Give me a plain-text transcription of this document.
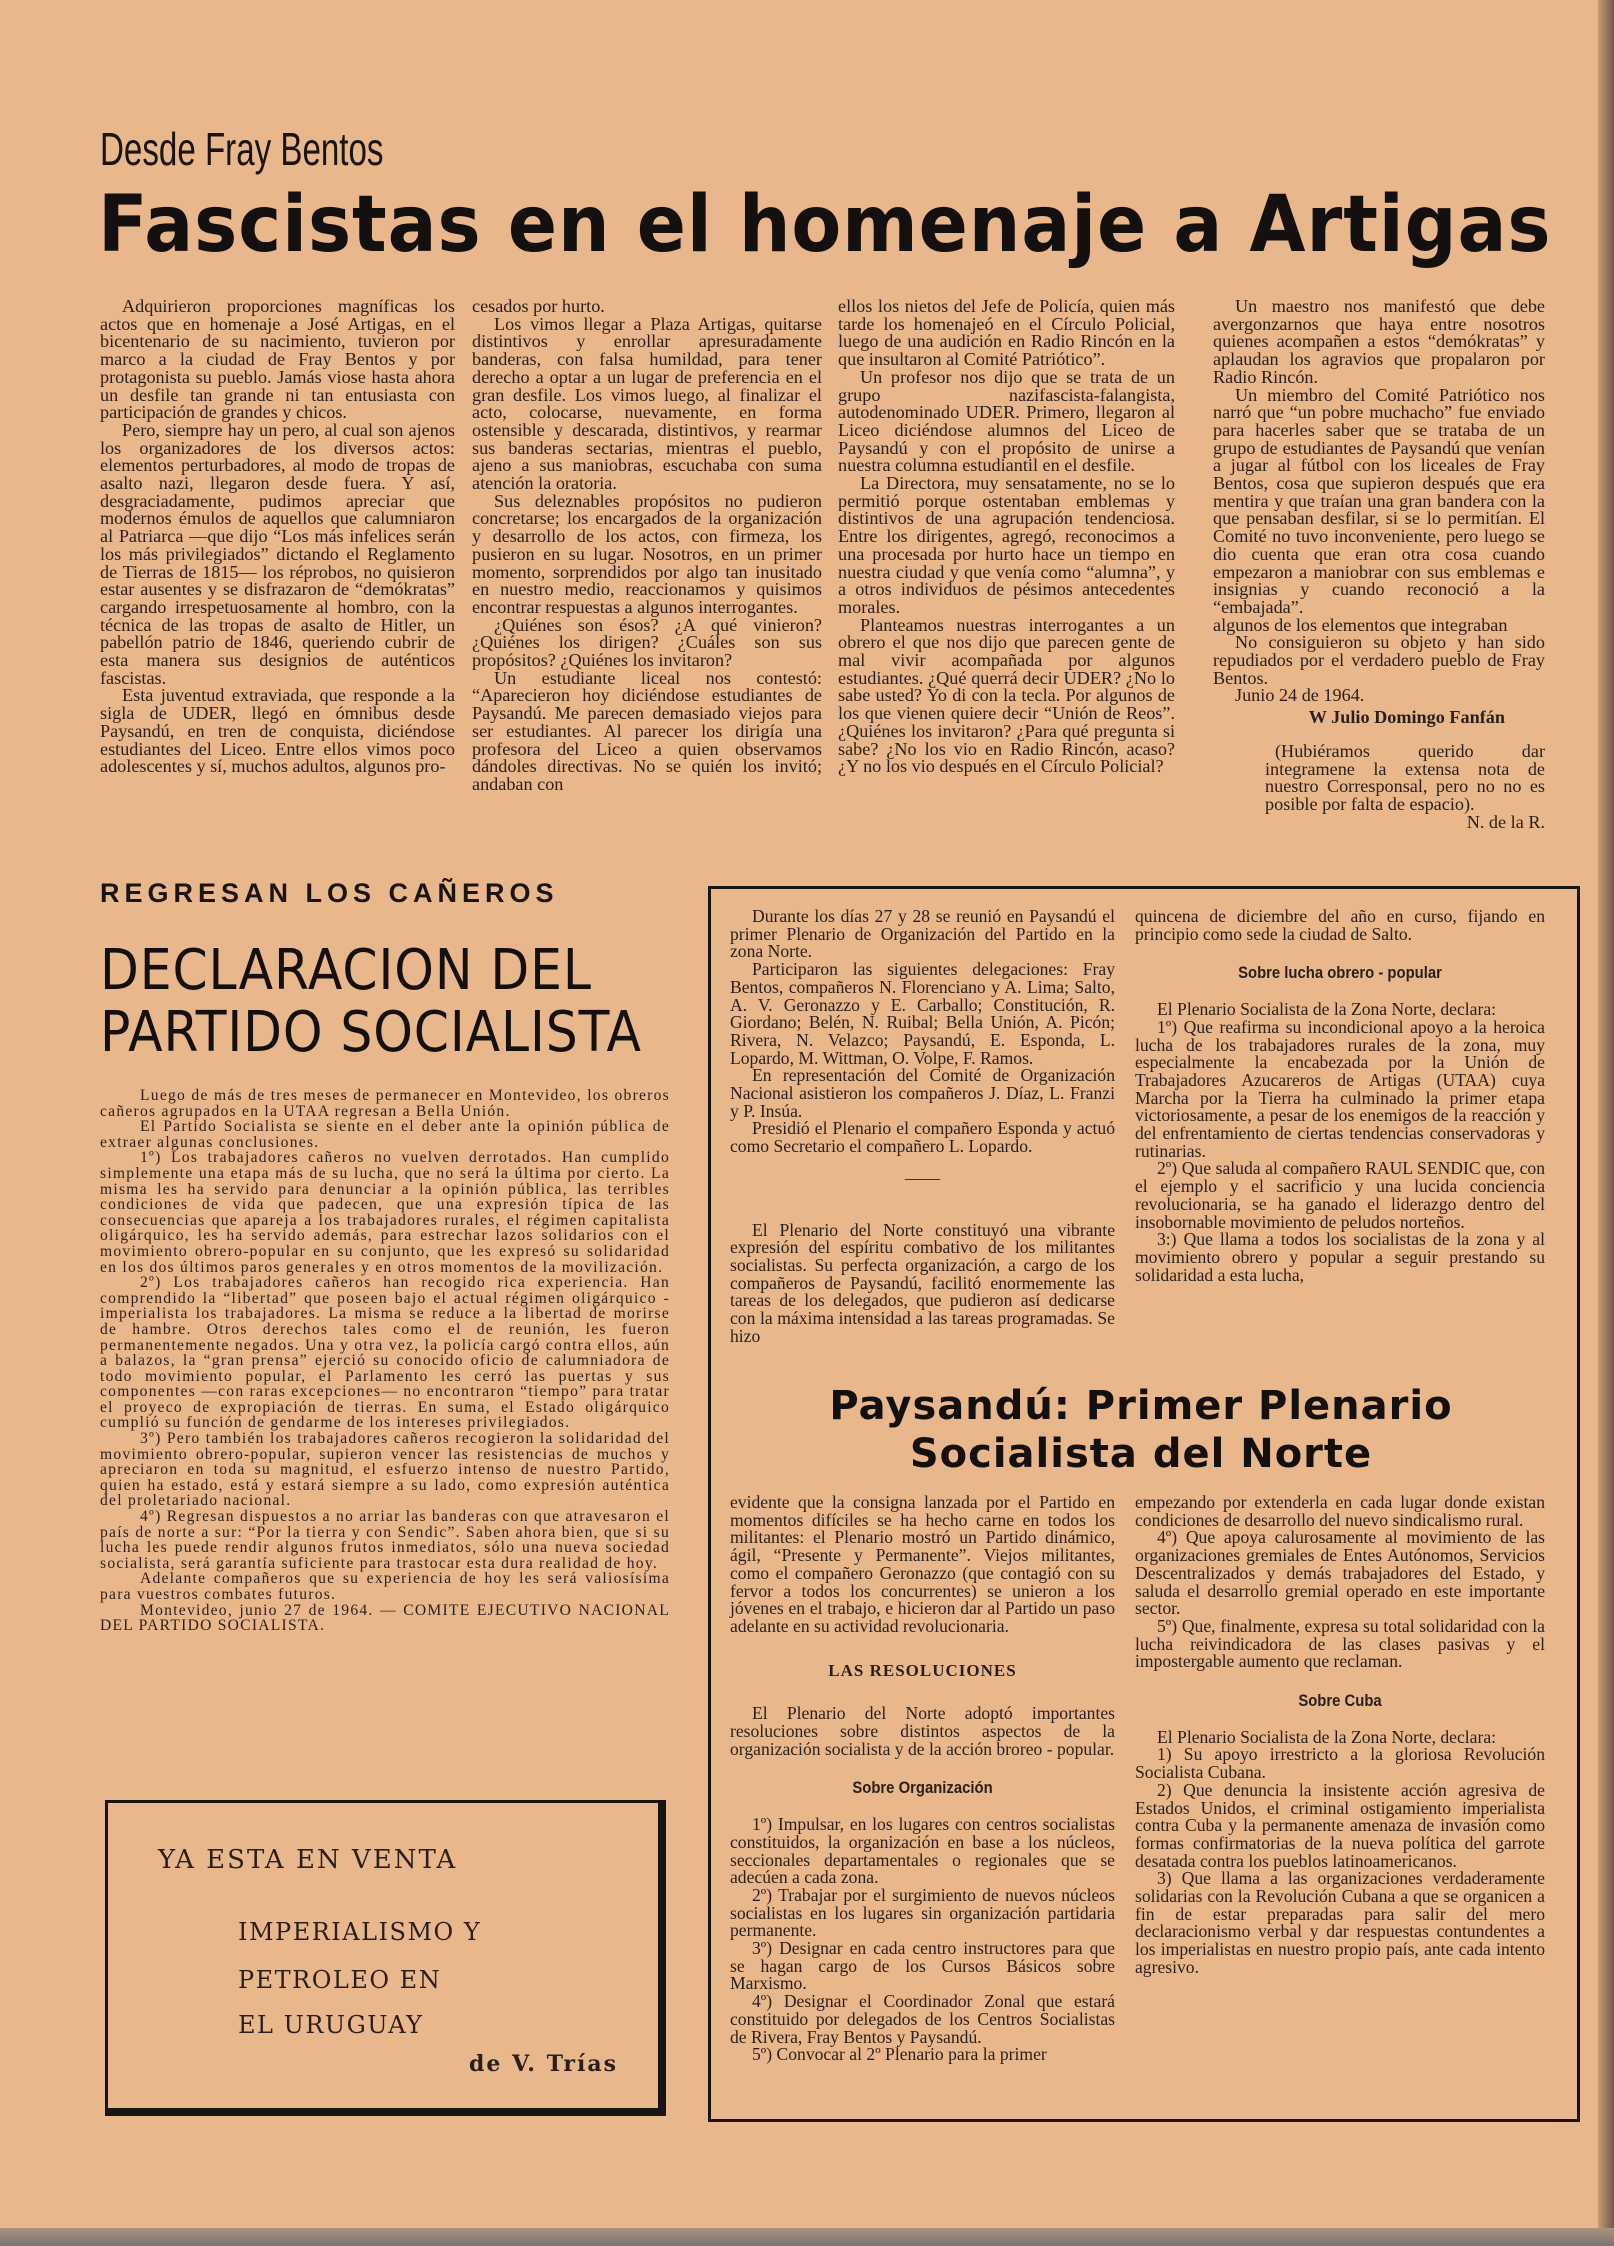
Desde Fray Bentos
Fascistas en el homenaje a Artigas

Adquirieron proporciones magníficas los actos que en homenaje a José Artigas, en el bicentenario de su nacimiento, tuvieron por marco a la ciudad de Fray Bentos y por protagonista su pueblo. Jamás viose hasta ahora un desfile tan grande ni tan entusiasta con participación de grandes y chicos.

Pero, siempre hay un pero, al cual son ajenos los organizadores de los diversos actos: elementos perturbadores, al modo de tropas de asalto nazi, llegaron desde fuera. Y así, desgraciadamente, pudimos apreciar que modernos émulos de aquellos que calumniaron al Patriarca —que dijo “Los más infelices serán los más privilegiados” dictando el Reglamento de Tierras de 1815— los réprobos, no quisieron estar ausentes y se disfrazaron de “demókratas” cargando irrespetuosamente al hombro, con la técnica de las tropas de asalto de Hitler, un pabellón patrio de 1846, queriendo cubrir de esta manera sus designios de auténticos fascistas.

Esta juventud extraviada, que responde a la sigla de UDER, llegó en ómnibus desde Paysandú, en tren de conquista, diciéndose estudiantes del Liceo. Entre ellos vimos poco adolescentes y sí, muchos adultos, algunos pro-

cesados por hurto.

Los vimos llegar a Plaza Artigas, quitarse distintivos y enrollar apresuradamente banderas, con falsa humildad, para tener derecho a optar a un lugar de preferencia en el gran desfile. Los vimos luego, al finalizar el acto, colocarse, nuevamente, en forma ostensible y descarada, distintivos, y rearmar sus banderas sectarias, mientras el pueblo, ajeno a sus maniobras, escuchaba con suma atención la oratoria.

Sus deleznables propósitos no pudieron concretarse; los encargados de la organización y desarrollo de los actos, con firmeza, los pusieron en su lugar. Nosotros, en un primer momento, sorprendidos por algo tan inusitado en nuestro medio, reaccionamos y quisimos encontrar respuestas a algunos interrogantes.

¿Quiénes son ésos? ¿A qué vinieron? ¿Quiénes los dirigen? ¿Cuáles son sus propósitos? ¿Quiénes los invitaron?

Un estudiante liceal nos contestó: “Aparecieron hoy diciéndose estudiantes de Paysandú. Me parecen demasiado viejos para ser estudiantes. Al parecer los dirigía una profesora del Liceo a quien observamos dándoles directivas. No se quién los invitó; andaban con

ellos los nietos del Jefe de Policía, quien más tarde los homenajeó en el Círculo Policial, luego de una audición en Radio Rincón en la que insultaron al Comité Patriótico”.

Un profesor nos dijo que se trata de un grupo nazifascista-falangista, autodenominado UDER. Primero, llegaron al Liceo diciéndose alumnos del Liceo de Paysandú y con el propósito de unirse a nuestra columna estudiantil en el desfile.

La Directora, muy sensatamente, no se lo permitió porque ostentaban emblemas y distintivos de una agrupación tendenciosa. Entre los dirigentes, agregó, reconocimos a una procesada por hurto hace un tiempo en nuestra ciudad y que venía como “alumna”, y a otros individuos de pésimos antecedentes morales.

Planteamos nuestras interrogantes a un obrero el que nos dijo que parecen gente de mal vivir acompañada por algunos estudiantes. ¿Qué querrá decir UDER? ¿No lo sabe usted? Yo di con la tecla. Por algunos de los que vienen quiere decir “Unión de Reos”. ¿Quiénes los invitaron? ¿Para qué pregunta si sabe? ¿No los vio en Radio Rincón, acaso? ¿Y no los vio después en el Círculo Policial?

Un maestro nos manifestó que debe avergonzarnos que haya entre nosotros quienes acompañen a estos “demókratas” y aplaudan los agravios que propalaron por Radio Rincón.

Un miembro del Comité Patriótico nos narró que “un pobre muchacho” fue enviado para hacerles saber que se trataba de un grupo de estudiantes de Paysandú que venían a jugar al fútbol con los liceales de Fray Bentos, cosa que supieron después que era mentira y que traían una gran bandera con la que pensaban desfilar, si se lo permitían. El Comité no tuvo inconveniente, pero luego se dio cuenta que eran otra cosa cuando empezaron a maniobrar con sus emblemas e insignias y cuando reconoció a la “embajada”.

algunos de los elementos que integraban

No consiguieron su objeto y han sido repudiados por el verdadero pueblo de Fray Bentos.

Junio 24 de 1964.

W Julio Domingo Fanfán

(Hubiéramos querido dar integramene la extensa nota de nuestro Corresponsal, pero no no es posible por falta de espacio).

N. de la R.

REGRESAN LOS CAÑEROS
DECLARACION DEL
PARTIDO SOCIALISTA

Luego de más de tres meses de permanecer en Montevideo, los obreros cañeros agrupados en la UTAA regresan a Bella Unión.

El Partido Socialista se siente en el deber ante la opinión pública de extraer algunas conclusiones.

1º) Los trabajadores cañeros no vuelven derrotados. Han cumplido simplemente una etapa más de su lucha, que no será la última por cierto. La misma les ha servido para denunciar a la opinión pública, las terribles condiciones de vida que padecen, que una expresión típica de las consecuencias que apareja a los trabajadores rurales, el régimen capitalista oligárquico, les ha servido además, para estrechar lazos solidarios con el movimiento obrero-popular en su conjunto, que les expresó su solidaridad en los dos últimos paros generales y en otros momentos de la movilización.

2º) Los trabajadores cañeros han recogido rica experiencia. Han comprendido la “libertad” que poseen bajo el actual régimen oligárquico - imperialista los trabajadores. La misma se reduce a la libertad de morirse de hambre. Otros derechos tales como el de reunión, les fueron permanentemente negados. Una y otra vez, la policía cargó contra ellos, aún a balazos, la “gran prensa” ejerció su conocido oficio de calumniadora de todo movimiento popular, el Parlamento les cerró las puertas y sus componentes —con raras excepciones— no encontraron “tiempo” para tratar el proyeco de expropiación de tierras. En suma, el Estado oligárquico cumplió su función de gendarme de los intereses privilegiados.

3º) Pero también los trabajadores cañeros recogieron la solidaridad del movimiento obrero-popular, supieron vencer las resistencias de muchos y apreciaron en toda su magnitud, el esfuerzo intenso de nuestro Partido, quien ha estado, está y estará siempre a su lado, como expresión auténtica del proletariado nacional.

4º) Regresan dispuestos a no arriar las banderas con que atravesaron el país de norte a sur: “Por la tierra y con Sendic”. Saben ahora bien, que si su lucha les puede rendir algunos frutos inmediatos, sólo una nueva sociedad socialista, será garantía suficiente para trastocar esta dura realidad de hoy.

Adelante compañeros que su experiencia de hoy les será valiosísima para vuestros combates futuros.

Montevideo, junio 27 de 1964. — COMITE EJECUTIVO NACIONAL DEL PARTIDO SOCIALISTA.

YA ESTA EN VENTA
IMPERIALISMO Y
PETROLEO EN
EL URUGUAY
de V. Trías

Durante los días 27 y 28 se reunió en Paysandú el primer Plenario de Organización del Partido en la zona Norte.

Participaron las siguientes delegaciones: Fray Bentos, compañeros N. Florenciano y A. Lima; Salto, A. V. Geronazzo y E. Carballo; Constitución, R. Giordano; Belén, N. Ruibal; Bella Unión, A. Picón; Rivera, N. Velazco; Paysandú, E. Esponda, L. Lopardo, M. Wittman, O. Volpe, F. Ramos.

En representación del Comité de Organización Nacional asistieron los compañeros J. Díaz, L. Franzi y P. Insúa.

Presidió el Plenario el compañero Esponda y actuó como Secretario el compañero L. Lopardo.

——

El Plenario del Norte constituyó una vibrante expresión del espíritu combativo de los militantes socialistas. Su perfecta organización, a cargo de los compañeros de Paysandú, facilitó enormemente las tareas de los delegados, que pudieron así dedicarse con la máxima intensidad a las tareas programadas. Se hizo

quincena de diciembre del año en curso, fijando en principio como sede la ciudad de Salto.

Sobre lucha obrero - popular

El Plenario Socialista de la Zona Norte, declara:

1º) Que reafirma su incondicional apoyo a la heroica lucha de los trabajadores rurales de la zona, muy especialmente la encabezada por la Unión de Trabajadores Azucareros de Artigas (UTAA) cuya Marcha por la Tierra ha culminado la primer etapa victoriosamente, a pesar de los enemigos de la reacción y del enfrentamiento de ciertas tendencias conservadoras y rutinarias.

2º) Que saluda al compañero RAUL SENDIC que, con el ejemplo y el sacrificio y una lucida conciencia revolucionaria, se ha ganado el liderazgo dentro del insobornable movimiento de peludos norteños.

3:) Que llama a todos los socialistas de la zona y al movimiento obrero y popular a seguir prestando su solidaridad a esta lucha,

Paysandú: Primer Plenario
Socialista del Norte

evidente que la consigna lanzada por el Partido en momentos difíciles se ha hecho carne en todos los militantes: el Plenario mostró un Partido dinámico, ágil, “Presente y Permanente”. Viejos militantes, como el compañero Geronazzo (que contagió con su fervor a todos los concurrentes) se unieron a los jóvenes en el trabajo, e hicieron dar al Partido un paso adelante en su actividad revolucionaria.

LAS RESOLUCIONES

El Plenario del Norte adoptó importantes resoluciones sobre distintos aspectos de la organización socialista y de la acción broreo - popular.

Sobre Organización

1º) Impulsar, en los lugares con centros socialistas constituidos, la organización en base a los núcleos, seccionales departamentales o regionales que se adecúen a cada zona.

2º) Trabajar por el surgimiento de nuevos núcleos socialistas en los lugares sin organización partidaria permanente.

3º) Designar en cada centro instructores para que se hagan cargo de los Cursos Básicos sobre Marxismo.

4º) Designar el Coordinador Zonal que estará constituido por delegados de los Centros Socialistas de Rivera, Fray Bentos y Paysandú.

5º) Convocar al 2º Plenario para la primer

empezando por extenderla en cada lugar donde existan condiciones de desarrollo del nuevo sindicalismo rural.

4º) Que apoya calurosamente al movimiento de las organizaciones gremiales de Entes Autónomos, Servicios Descentralizados y demás trabajadores del Estado, y saluda el desarrollo gremial operado en este importante sector.

5º) Que, finalmente, expresa su total solidaridad con la lucha reivindicadora de las clases pasivas y el impostergable aumento que reclaman.

Sobre Cuba

El Plenario Socialista de la Zona Norte, declara:

1) Su apoyo irrestricto a la gloriosa Revolución Socialista Cubana.

2) Que denuncia la insistente acción agresiva de Estados Unidos, el criminal ostigamiento imperialista contra Cuba y la permanente amenaza de invasión como formas confirmatorias de la nueva política del garrote desatada contra los pueblos latinoamericanos.

3) Que llama a las organizaciones verdaderamente solidarias con la Revolución Cubana a que se organicen a fin de estar preparadas para salir del mero declaracionismo verbal y dar respuestas contundentes a los imperialistas en nuestro propio país, ante cada intento agresivo.
